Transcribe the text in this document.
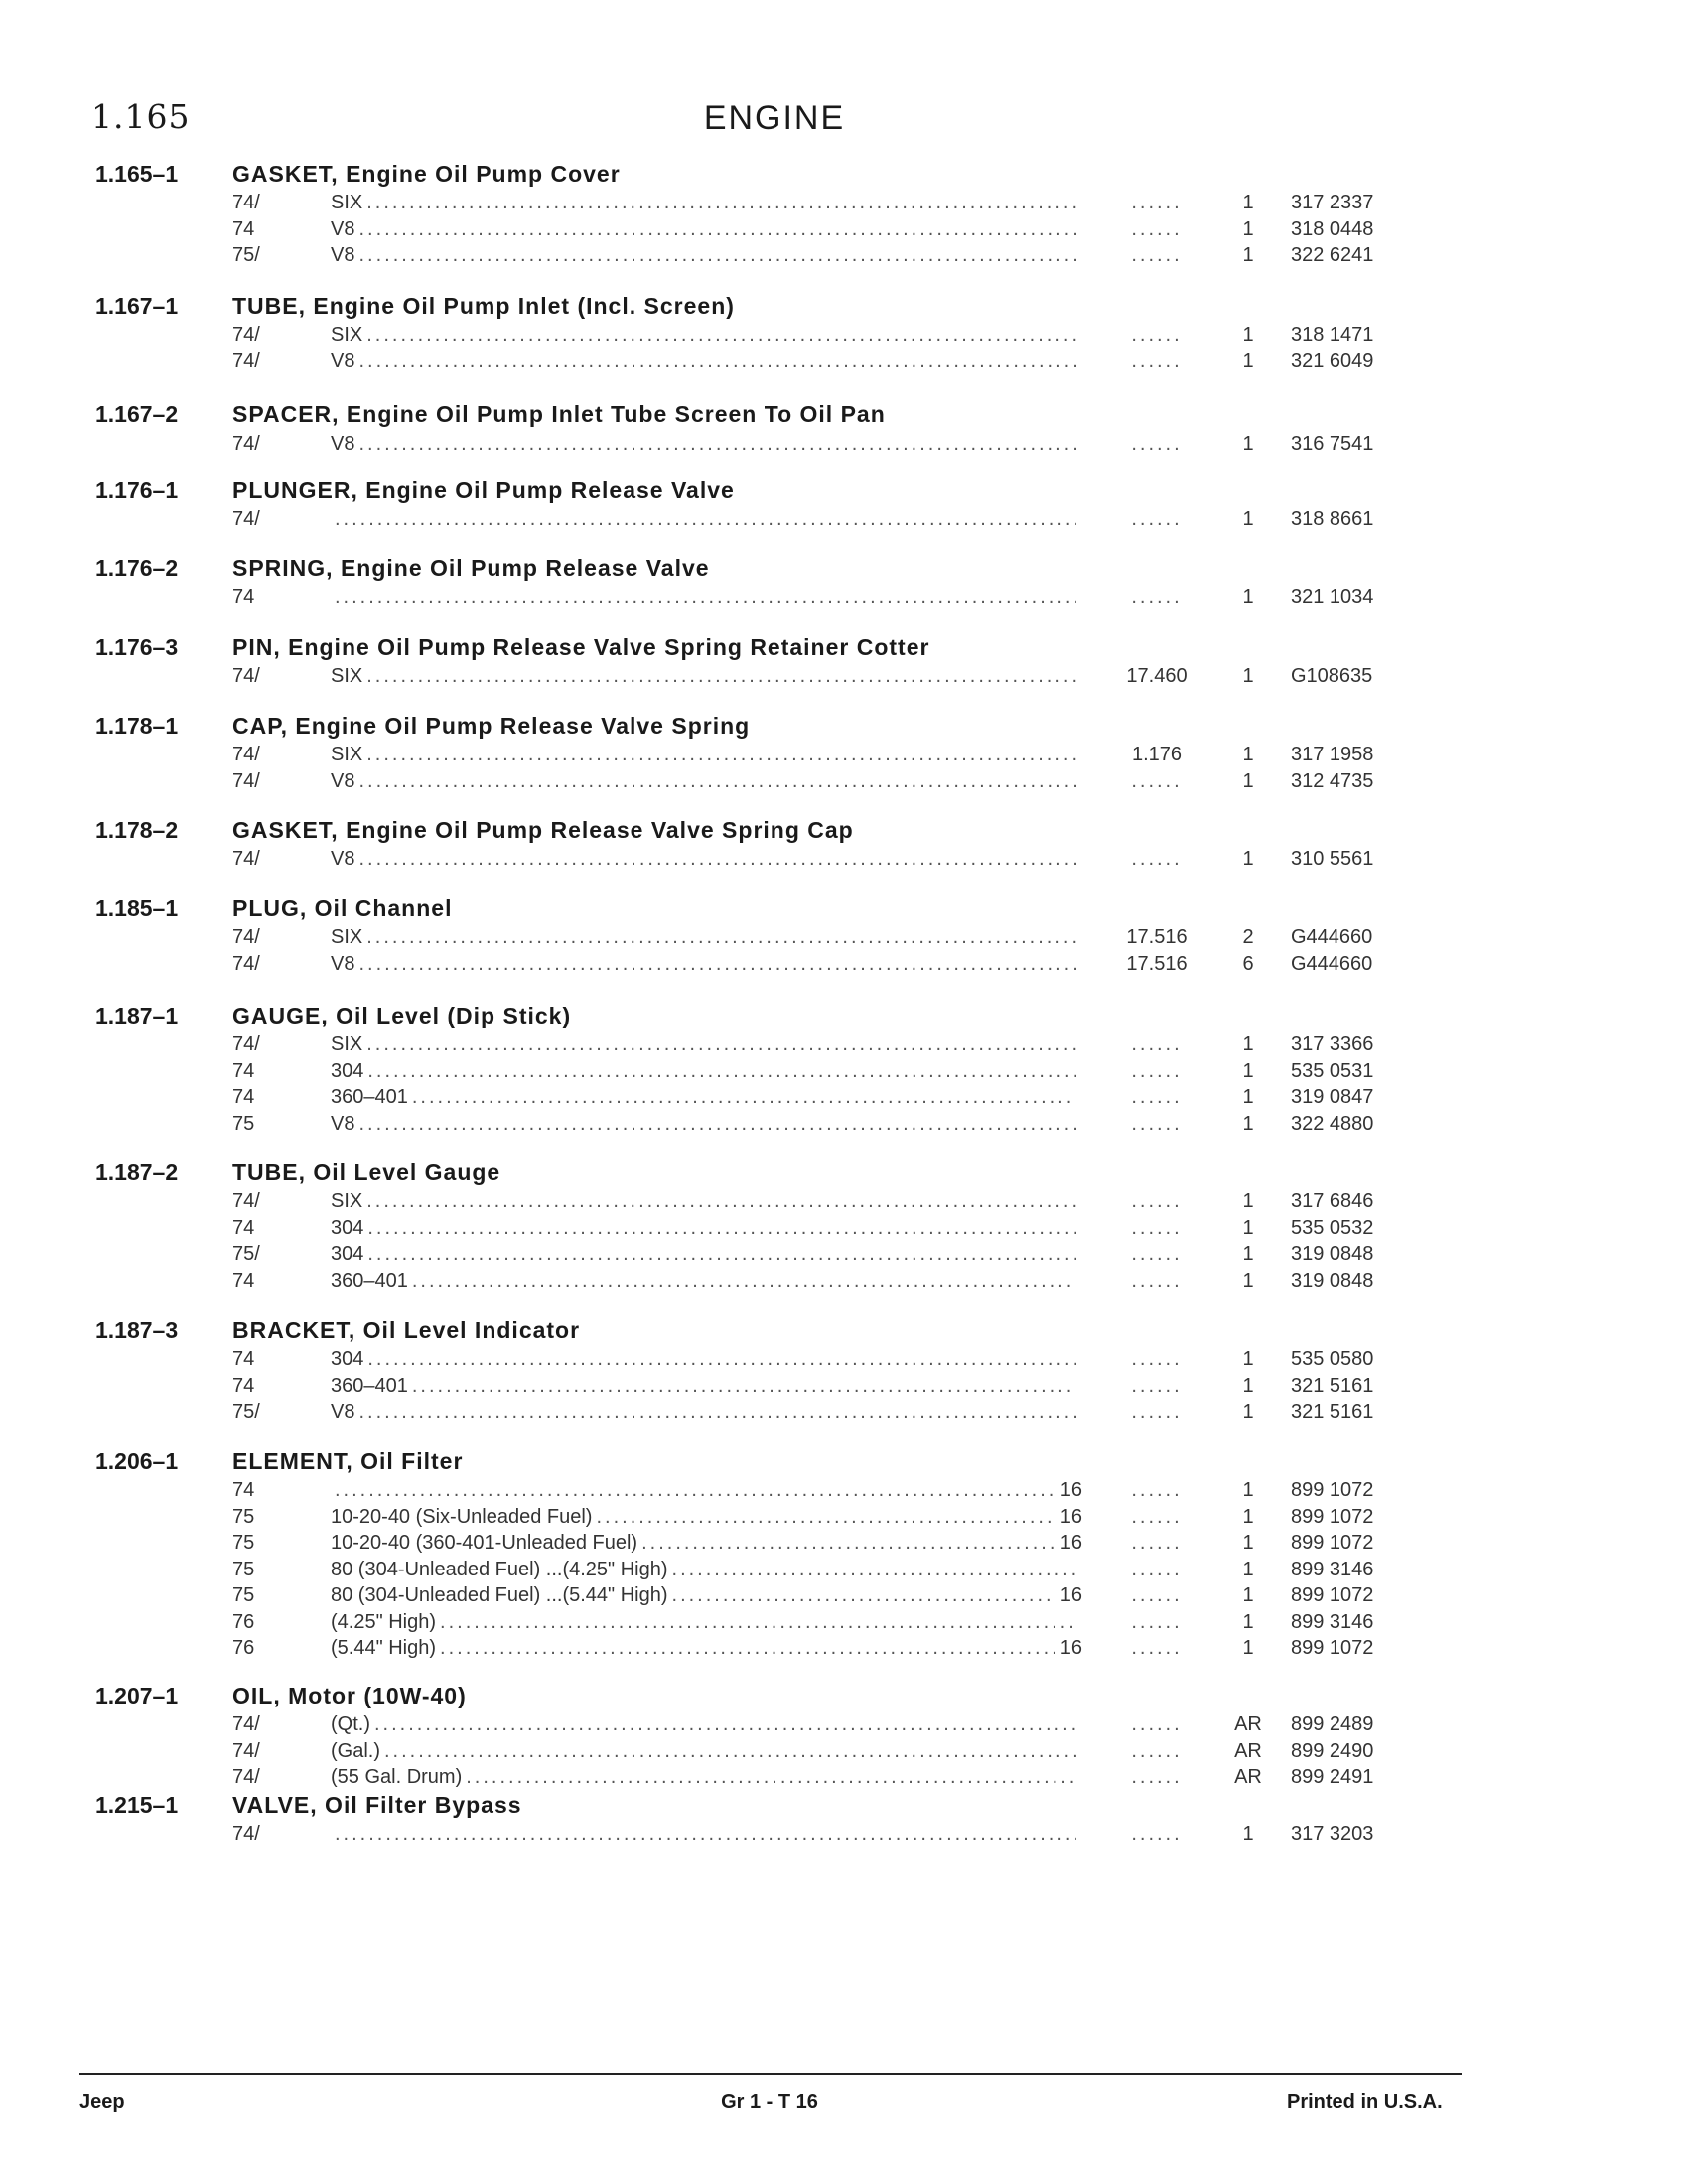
1.165	ENGINE
1.165–1 GASKET, Engine Oil Pump Cover
74/	SIX .....	......	1	317 2337
74	V8 .....	......	1	318 0448
75/	V8 .....	......	1	322 6241
1.167–1 TUBE, Engine Oil Pump Inlet (Incl. Screen)
74/	SIX .....	......	1	318 1471
74/	V8 .....	......	1	321 6049
1.167–2 SPACER, Engine Oil Pump Inlet Tube Screen To Oil Pan
74/	V8 .....	......	1	316 7541
1.176–1 PLUNGER, Engine Oil Pump Release Valve
74/ .....	......	1	318 8661
1.176–2 SPRING, Engine Oil Pump Release Valve
74 .....	......	1	321 1034
1.176–3 PIN, Engine Oil Pump Release Valve Spring Retainer Cotter
74/	SIX .....	17.460	1	G108635
1.178–1 CAP, Engine Oil Pump Release Valve Spring
74/	SIX .....	1.176	1	317 1958
74/	V8 .....	......	1	312 4735
1.178–2 GASKET, Engine Oil Pump Release Valve Spring Cap
74/	V8 .....	......	1	310 5561
1.185–1 PLUG, Oil Channel
74/	SIX .....	17.516	2	G444660
74/	V8 .....	17.516	6	G444660
1.187–1 GAUGE, Oil Level (Dip Stick)
74/	SIX .....	......	1	317 3366
74	304 .....	......	1	535 0531
74	360–401 .....	......	1	319 0847
75	V8 .....	......	1	322 4880
1.187–2 TUBE, Oil Level Gauge
74/	SIX .....	......	1	317 6846
74	304 .....	......	1	535 0532
75/	304 .....	......	1	319 0848
74	360–401 .....	......	1	319 0848
1.187–3 BRACKET, Oil Level Indicator
74	304 .....	......	1	535 0580
74	360–401 .....	......	1	321 5161
75/	V8 .....	......	1	321 5161
1.206–1 ELEMENT, Oil Filter
74 .....	16	......	1	899 1072
75	10-20-40 (Six-Unleaded Fuel) .....	16	......	1	899 1072
75	10-20-40 (360-401-Unleaded Fuel) .....	16	......	1	899 1072
75	80 (304-Unleaded Fuel) ...(4.25" High) .....	......	1	899 3146
75	80 (304-Unleaded Fuel) ...(5.44" High) .....	16	......	1	899 1072
76	(4.25" High) .....	......	1	899 3146
76	(5.44" High) .....	16	......	1	899 1072
1.207–1 OIL, Motor (10W-40)
74/	(Qt.) .....	......	AR	899 2489
74/	(Gal.) .....	......	AR	899 2490
74/	(55 Gal. Drum) .....	......	AR	899 2491
1.215–1 VALVE, Oil Filter Bypass
74/ .....	......	1	317 3203
Jeep	Gr 1 - T 16	Printed in U.S.A.
